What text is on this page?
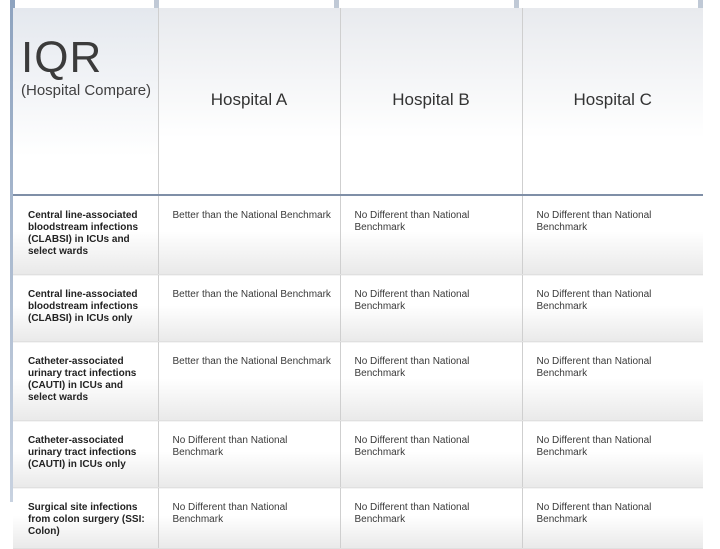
IQR
(Hospital Compare)	Hospital A	Hospital B	Hospital C

Central line-associated bloodstream infections (CLABSI) in ICUs and select wards	Better than the National Benchmark	No Different than National Benchmark	No Different than National Benchmark
Central line-associated bloodstream infections (CLABSI) in ICUs only	Better than the National Benchmark	No Different than National Benchmark	No Different than National Benchmark
Catheter-associated urinary tract infections (CAUTI) in ICUs and select wards	Better than the National Benchmark	No Different than National Benchmark	No Different than National Benchmark
Catheter-associated urinary tract infections (CAUTI) in ICUs only	No Different than National Benchmark	No Different than National Benchmark	No Different than National Benchmark
Surgical site infections from colon surgery (SSI: Colon)	No Different than National Benchmark	No Different than National Benchmark	No Different than National Benchmark
